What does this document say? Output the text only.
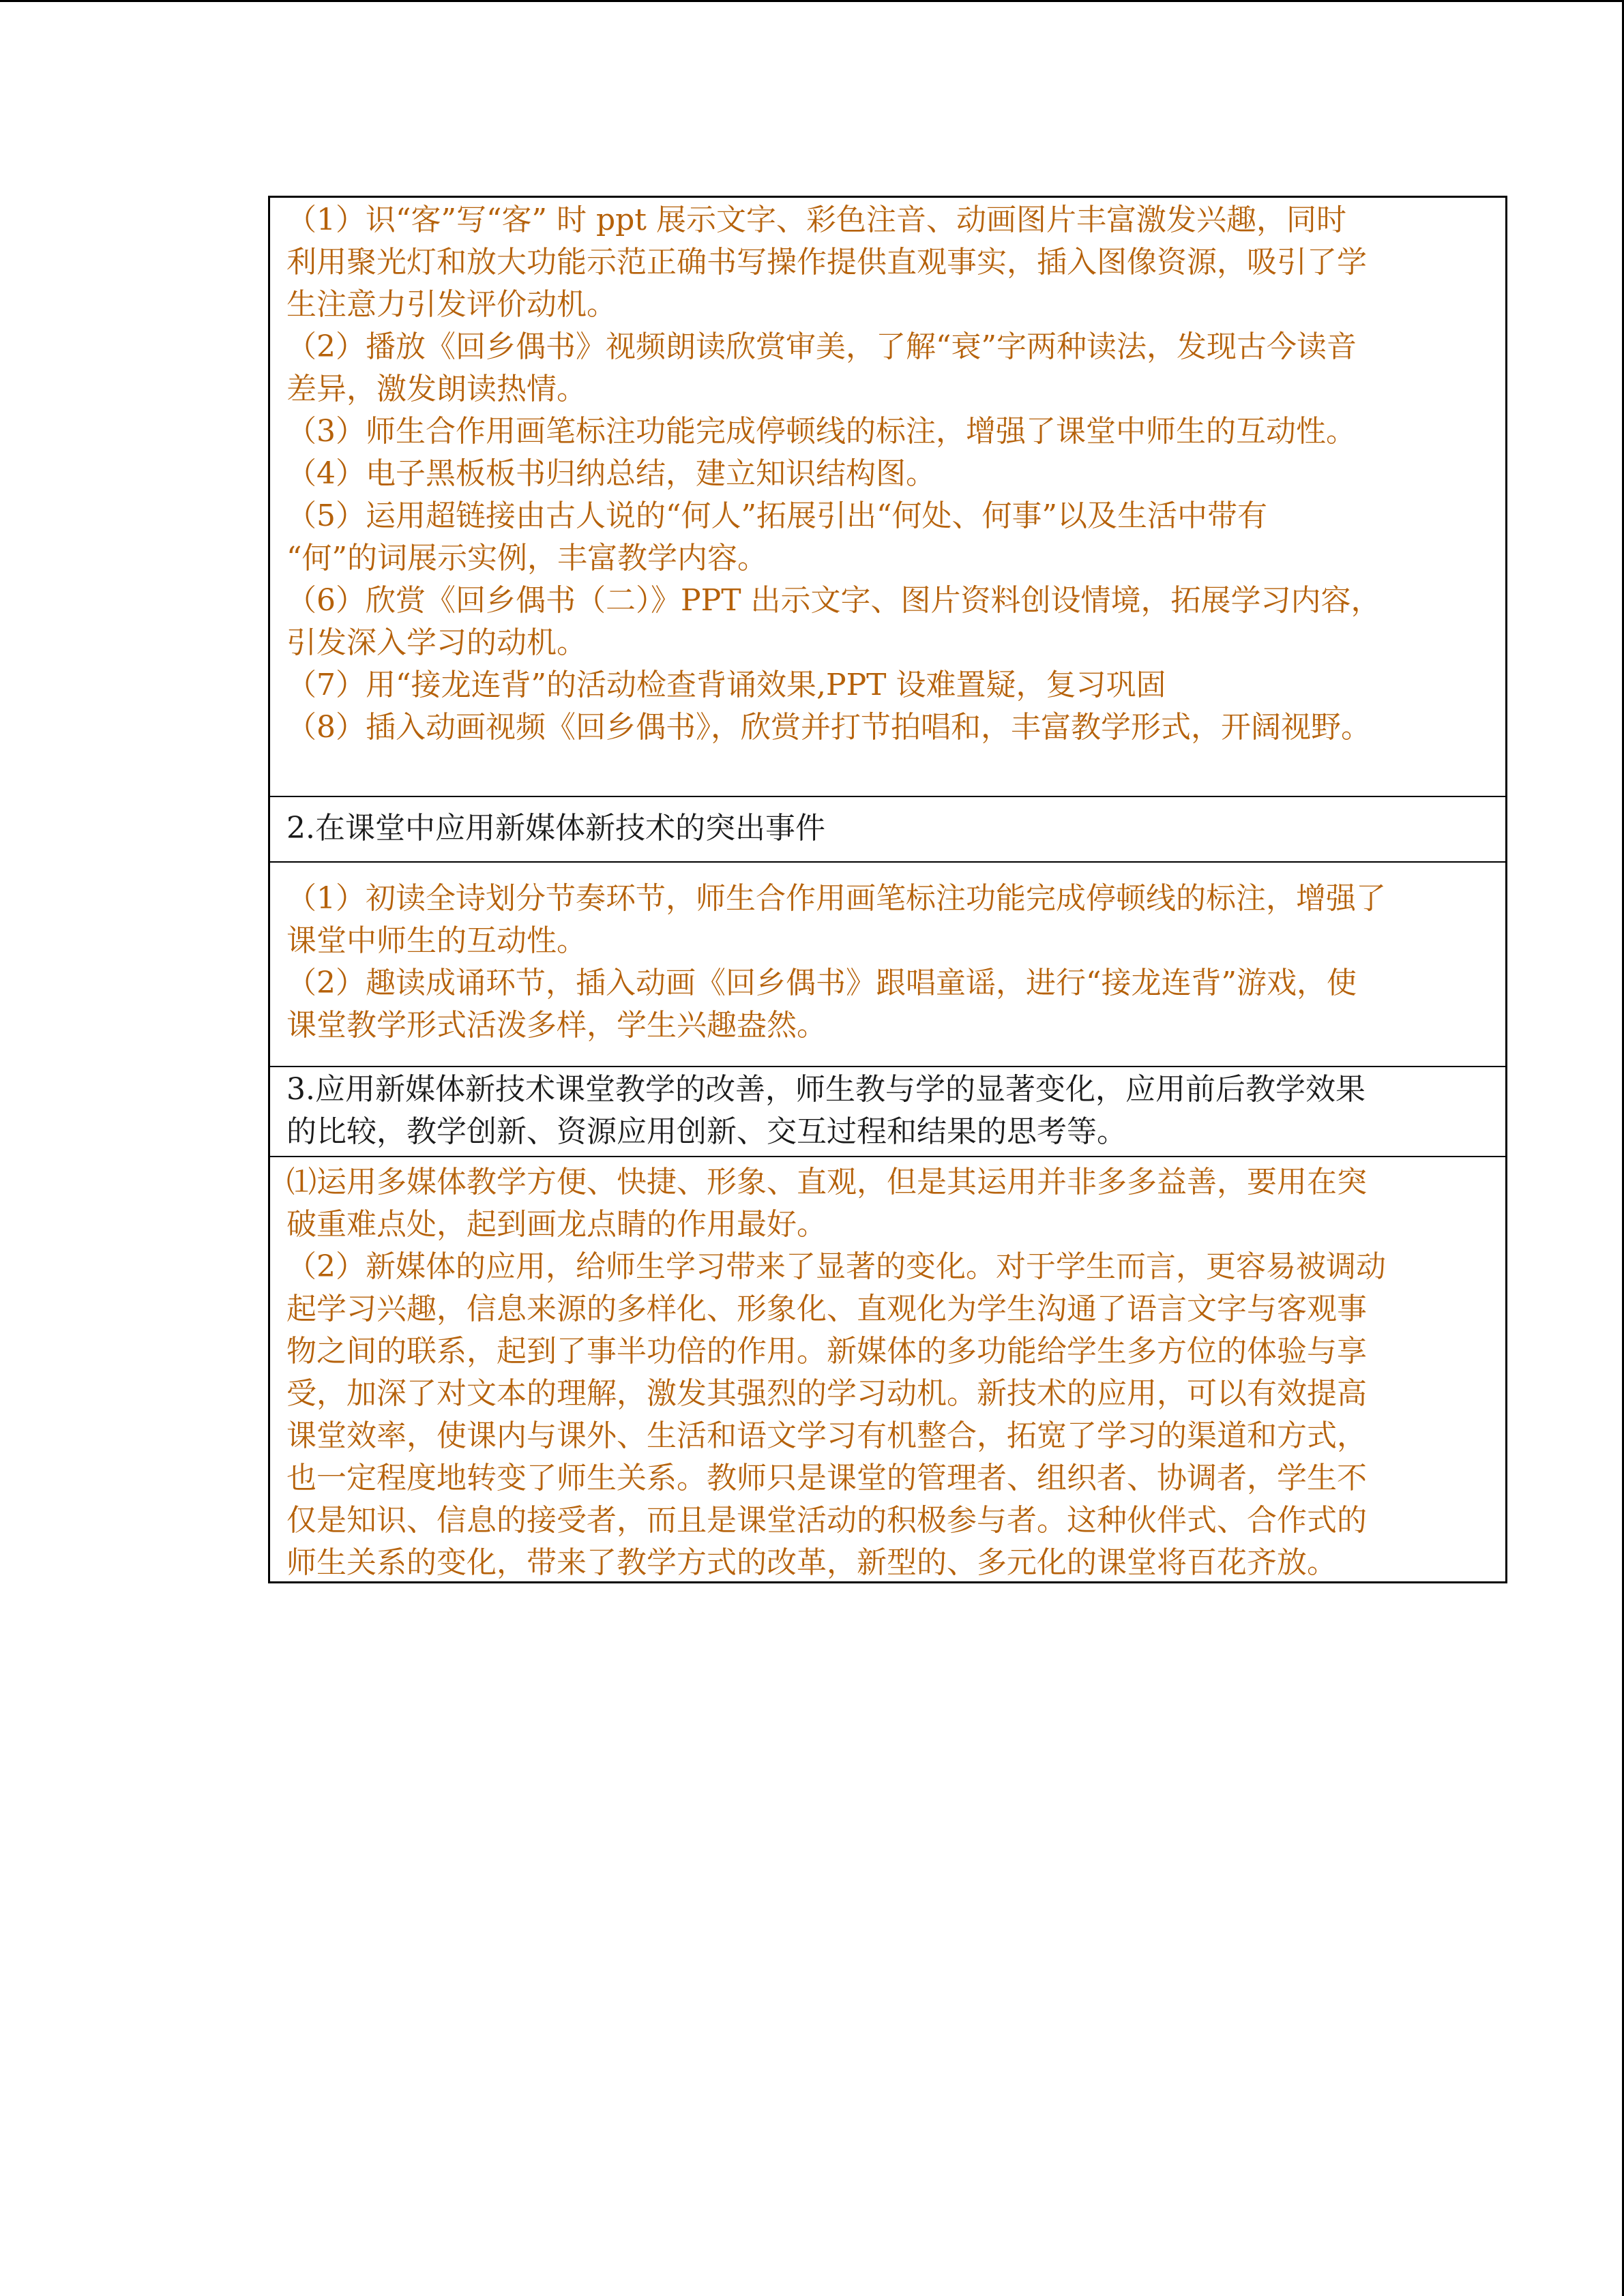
（1）识“客”写“客” 时 ppt 展示文字、彩色注音、动画图片丰富激发兴趣，同时
利用聚光灯和放大功能示范正确书写操作提供直观事实，插入图像资源，吸引了学
生注意力引发评价动机。
（2）播放《回乡偶书》视频朗读欣赏审美，了解“衰”字两种读法，发现古今读音
差异，激发朗读热情。
（3）师生合作用画笔标注功能完成停顿线的标注，增强了课堂中师生的互动性。
（4）电子黑板板书归纳总结，建立知识结构图。
（5）运用超链接由古人说的“何人”拓展引出“何处、何事”以及生活中带有
“何”的词展示实例，丰富教学内容。
（6）欣赏《回乡偶书（二）》PPT 出示文字、图片资料创设情境，拓展学习内容，
引发深入学习的动机。
（7）用“接龙连背”的活动检查背诵效果,PPT 设难置疑，复习巩固
（8）插入动画视频《回乡偶书》，欣赏并打节拍唱和，丰富教学形式，开阔视野。
2.在课堂中应用新媒体新技术的突出事件
（1）初读全诗划分节奏环节，师生合作用画笔标注功能完成停顿线的标注，增强了
课堂中师生的互动性。
（2）趣读成诵环节，插入动画《回乡偶书》跟唱童谣，进行“接龙连背”游戏，使
课堂教学形式活泼多样，学生兴趣盎然。
3.应用新媒体新技术课堂教学的改善，师生教与学的显著变化，应用前后教学效果
的比较，教学创新、资源应用创新、交互过程和结果的思考等。
⑴运用多媒体教学方便、快捷、形象、直观，但是其运用并非多多益善，要用在突
破重难点处，起到画龙点睛的作用最好。
（2）新媒体的应用，给师生学习带来了显著的变化。对于学生而言，更容易被调动
起学习兴趣，信息来源的多样化、形象化、直观化为学生沟通了语言文字与客观事
物之间的联系，起到了事半功倍的作用。新媒体的多功能给学生多方位的体验与享
受，加深了对文本的理解，激发其强烈的学习动机。新技术的应用，可以有效提高
课堂效率，使课内与课外、生活和语文学习有机整合，拓宽了学习的渠道和方式，
也一定程度地转变了师生关系。教师只是课堂的管理者、组织者、协调者，学生不
仅是知识、信息的接受者，而且是课堂活动的积极参与者。这种伙伴式、合作式的
师生关系的变化，带来了教学方式的改革，新型的、多元化的课堂将百花齐放。
